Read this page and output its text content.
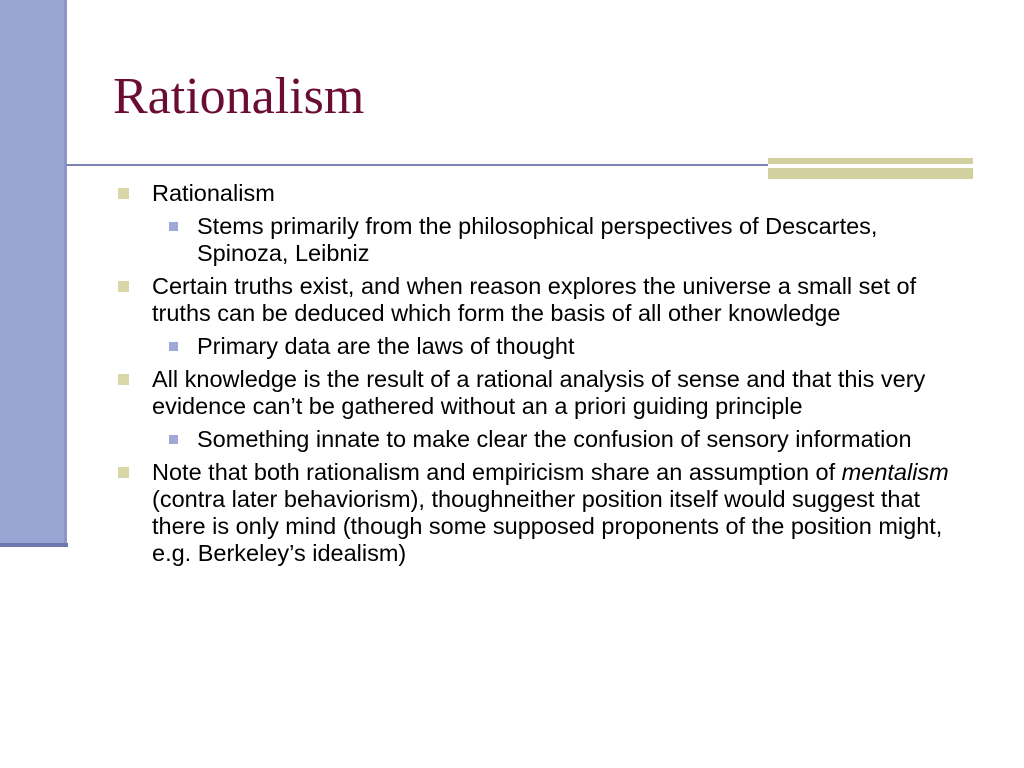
Rationalism
Rationalism
Stems primarily from the philosophical perspectives of Descartes, Spinoza, Leibniz
Certain truths exist, and when reason explores the universe a small set of truths can be deduced which form the basis of all other knowledge
Primary data are the laws of thought
All knowledge is the result of a rational analysis of sense and that this very evidence can’t be gathered without an a priori guiding principle
Something innate to make clear the confusion of sensory information
Note that both rationalism and empiricism share an assumption of mentalism (contra later behaviorism), thoughneither position itself would suggest that there is only mind (though some supposed proponents of the position might, e.g. Berkeley’s idealism)
